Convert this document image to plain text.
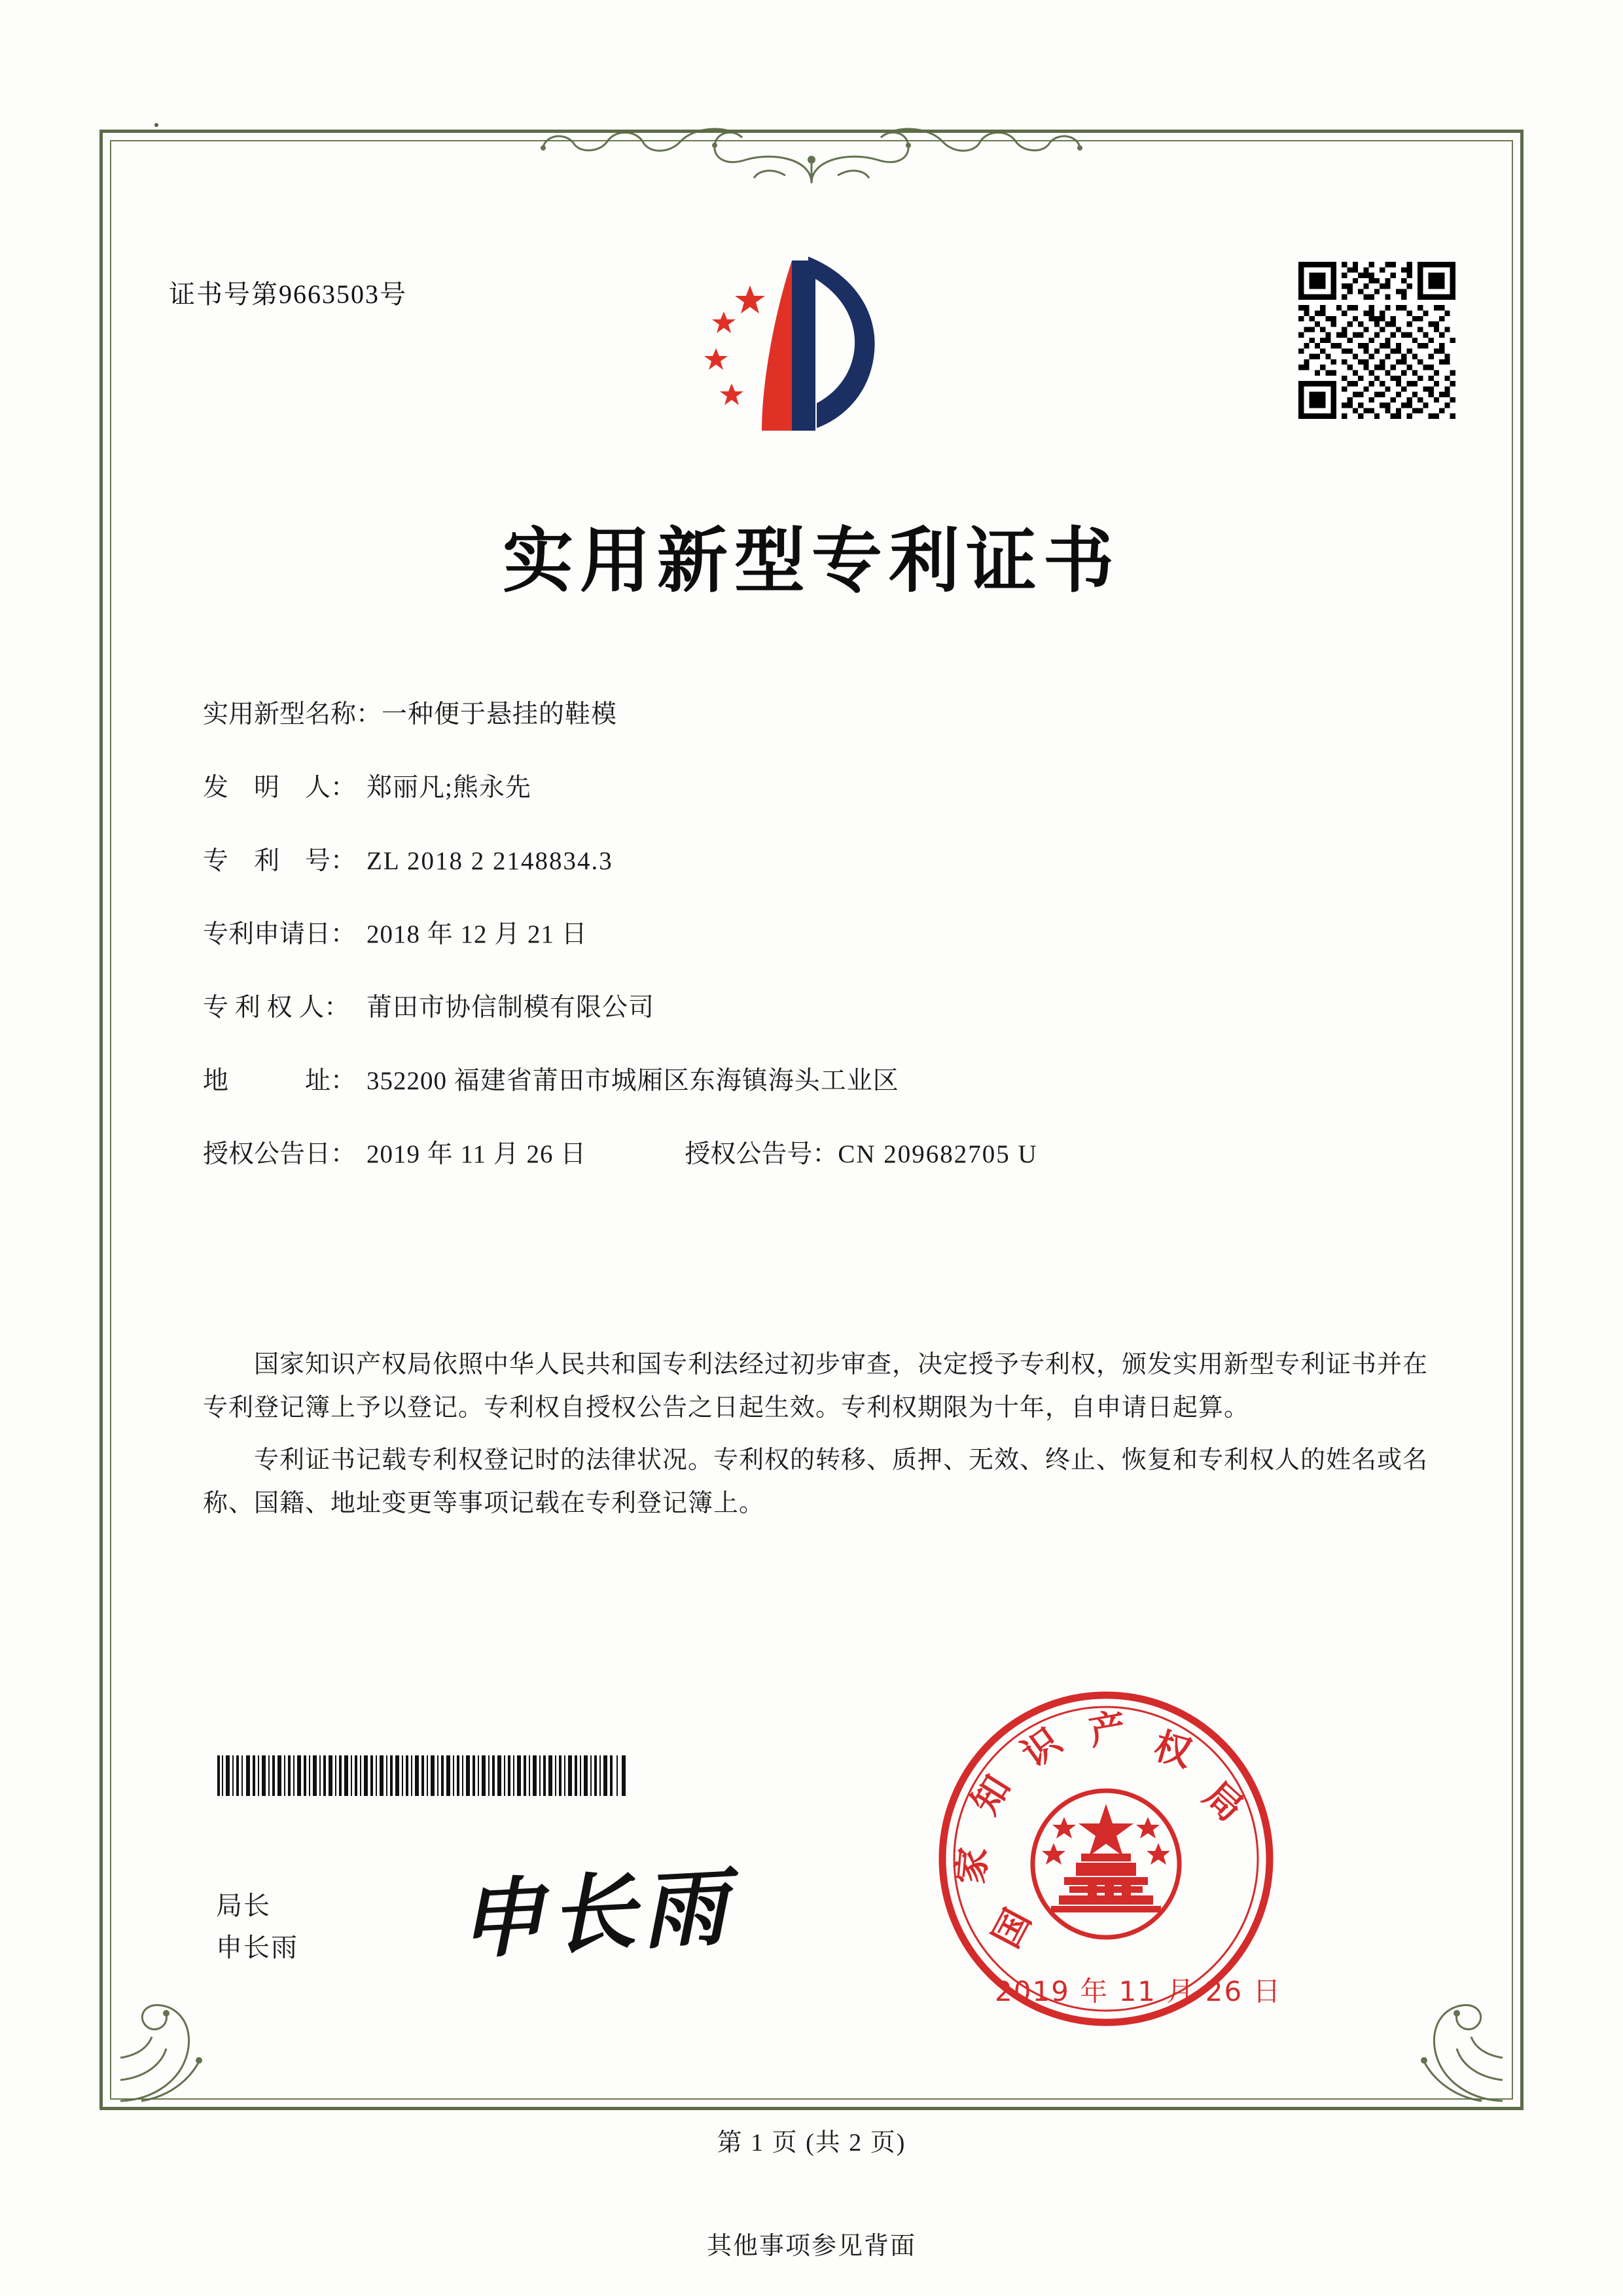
证书号第9663503号
实用新型专利证书
实用新型名称： 一种便于悬挂的鞋模
发　明　人： 郑丽凡;熊永先
专　利　号： ZL 2018 2 2148834.3
专利申请日： 2018 年 12 月 21 日
专 利 权 人： 莆田市协信制模有限公司
地　　　址： 352200 福建省莆田市城厢区东海镇海头工业区
授权公告日： 2019 年 11 月 26 日	授权公告号： CN 209682705 U

国家知识产权局依照中华人民共和国专利法经过初步审查，决定授予专利权，颁发实用新型专利证书并在专利登记簿上予以登记。专利权自授权公告之日起生效。专利权期限为十年，自申请日起算。

专利证书记载专利权登记时的法律状况。专利权的转移、质押、无效、终止、恢复和专利权人的姓名或名称、国籍、地址变更等事项记载在专利登记簿上。

局长
申长雨 申长雨	国
家
知
识 产 权
局
2019 年 11 月 26 日
第 1 页 (共 2 页)
其他事项参见背面
